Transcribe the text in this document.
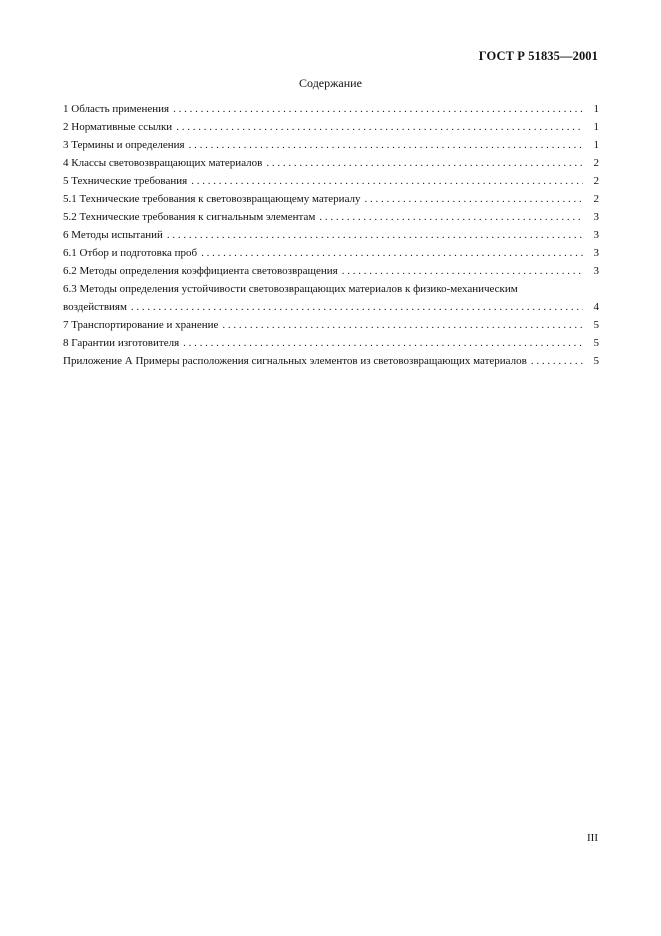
ГОСТ Р 51835—2001
Содержание
1 Область применения . . .	1
2 Нормативные ссылки . . .	1
3 Термины и определения . . .	1
4 Классы световозвращающих материалов . . .	2
5 Технические требования . . .	2
5.1 Технические требования к световозвращающему материалу . . .	2
5.2 Технические требования к сигнальным элементам . . .	3
6 Методы испытаний . . .	3
6.1 Отбор и подготовка проб . . .	3
6.2 Методы определения коэффициента световозвращения . . .	3
6.3 Методы определения устойчивости световозвращающих материалов к физико-механическим
воздействиям . . .	4
7 Транспортирование и хранение . . .	5
8 Гарантии изготовителя . . .	5
Приложение А Примеры расположения сигнальных элементов из световозвращающих материалов . . .	5
III
